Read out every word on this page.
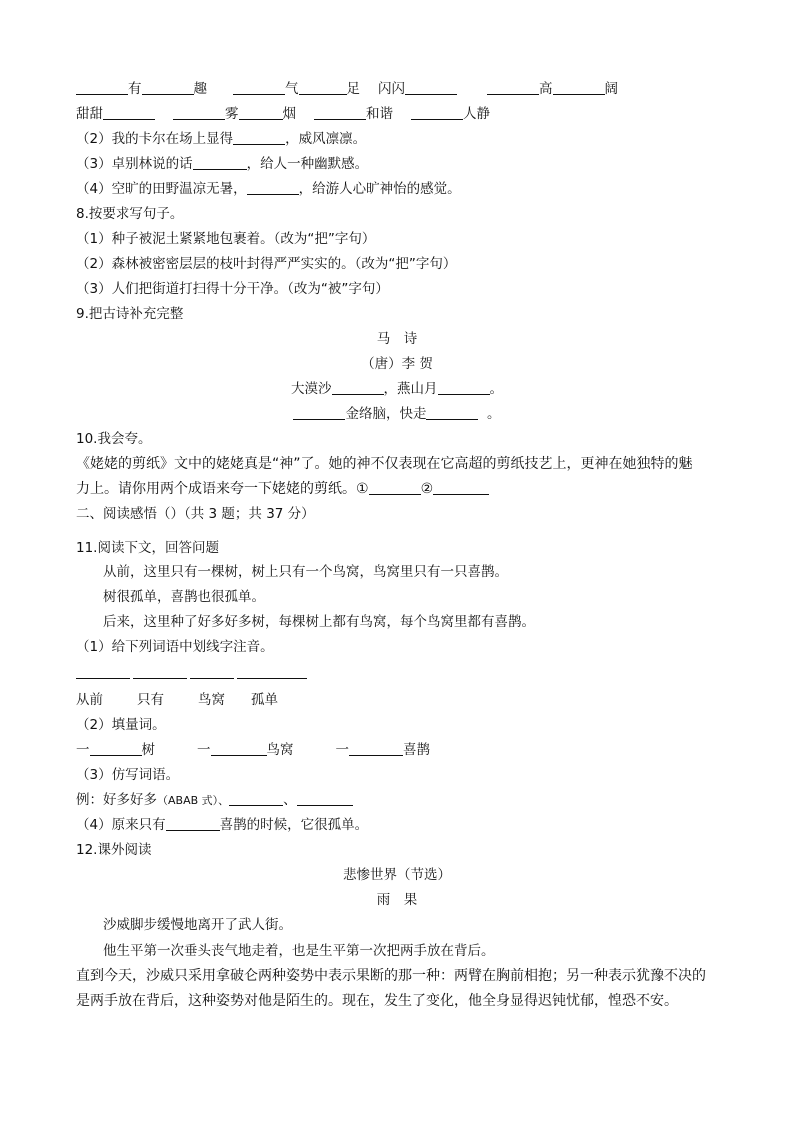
有	趣	气	足 闪闪	高	阔
甜甜	雾	烟	和谐	人静
（2）我的卡尔在场上显得	，威风凛凛。
（3）卓别林说的话	，给人一种幽默感。
（4）空旷的田野温凉无暑，	，给游人心旷神怡的感觉。
8.按要求写句子。
（1）种子被泥土紧紧地包裹着。（改为“把”字句）
（2）森林被密密层层的枝叶封得严严实实的。（改为“把”字句）
（3）人们把街道打扫得十分干净。（改为“被”字句）
9.把古诗补充完整
马　诗
（唐）李 贺
大漠沙	，燕山月	。
金络脑，快走	。
10.我会夸。
《姥姥的剪纸》文中的姥姥真是“神”了。她的神不仅表现在它高超的剪纸技艺上，更神在她独特的魅
力上。请你用两个成语来夸一下姥姥的剪纸。①	②
二、阅读感悟（）（共 3 题；共 37 分）
11.阅读下文，回答问题
从前，这里只有一棵树，树上只有一个鸟窝，鸟窝里只有一只喜鹊。
树很孤单，喜鹊也很孤单。
后来，这里种了好多好多树，每棵树上都有鸟窝，每个鸟窝里都有喜鹊。
（1）给下列词语中划线字注音。
从前	只有	鸟窝 孤单
（2）填量词。
一	树	一	鸟窝	一	喜鹊
（3）仿写词语。
例：好多好多（ABAB 式）、	、
（4）原来只有	喜鹊的时候，它很孤单。
12.课外阅读
悲惨世界（节选）
雨　果
沙威脚步缓慢地离开了武人街。
他生平第一次垂头丧气地走着，也是生平第一次把两手放在背后。
直到今天，沙威只采用拿破仑两种姿势中表示果断的那一种：两臂在胸前相抱；另一种表示犹豫不决的
是两手放在背后，这种姿势对他是陌生的。现在，发生了变化，他全身显得迟钝忧郁，惶恐不安。
